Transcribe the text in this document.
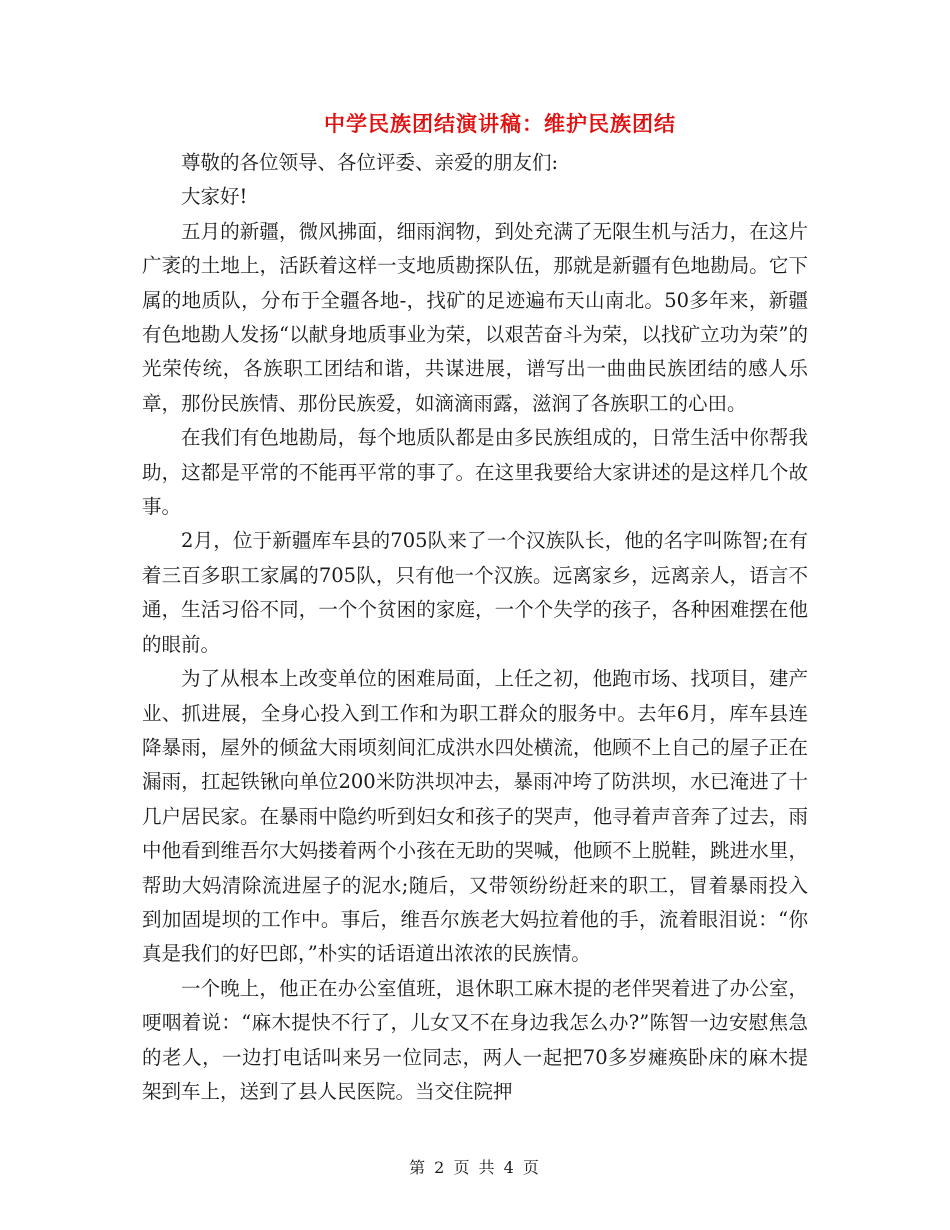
中学民族团结演讲稿：维护民族团结

尊敬的各位领导、各位评委、亲爱的朋友们:

大家好!

五月的新疆，微风拂面，细雨润物，到处充满了无限生机与活力，在这片广袤的土地上，活跃着这样一支地质勘探队伍，那就是新疆有色地勘局。它下属的地质队，分布于全疆各地-，找矿的足迹遍布天山南北。50多年来，新疆有色地勘人发扬“以献身地质事业为荣，以艰苦奋斗为荣，以找矿立功为荣”的光荣传统，各族职工团结和谐，共谋进展，谱写出一曲曲民族团结的感人乐章，那份民族情、那份民族爱，如滴滴雨露，滋润了各族职工的心田。

在我们有色地勘局，每个地质队都是由多民族组成的，日常生活中你帮我助，这都是平常的不能再平常的事了。在这里我要给大家讲述的是这样几个故事。

2月，位于新疆库车县的705队来了一个汉族队长，他的名字叫陈智;在有着三百多职工家属的705队，只有他一个汉族。远离家乡，远离亲人，语言不通，生活习俗不同，一个个贫困的家庭，一个个失学的孩子，各种困难摆在他的眼前。

为了从根本上改变单位的困难局面，上任之初，他跑市场、找项目，建产业、抓进展，全身心投入到工作和为职工群众的服务中。去年6月，库车县连降暴雨，屋外的倾盆大雨顷刻间汇成洪水四处横流，他顾不上自己的屋子正在漏雨，扛起铁锹向单位200米防洪坝冲去，暴雨冲垮了防洪坝，水已淹进了十几户居民家。在暴雨中隐约听到妇女和孩子的哭声，他寻着声音奔了过去，雨中他看到维吾尔大妈搂着两个小孩在无助的哭喊，他顾不上脱鞋，跳进水里，帮助大妈清除流进屋子的泥水;随后，又带领纷纷赶来的职工，冒着暴雨投入到加固堤坝的工作中。事后，维吾尔族老大妈拉着他的手，流着眼泪说：“你真是我们的好巴郎，”朴实的话语道出浓浓的民族情。

一个晚上，他正在办公室值班，退休职工麻木提的老伴哭着进了办公室，哽咽着说：“麻木提快不行了，儿女又不在身边我怎么办?”陈智一边安慰焦急的老人，一边打电话叫来另一位同志，两人一起把70多岁瘫痪卧床的麻木提架到车上，送到了县人民医院。当交住院押

第 2 页 共 4 页
